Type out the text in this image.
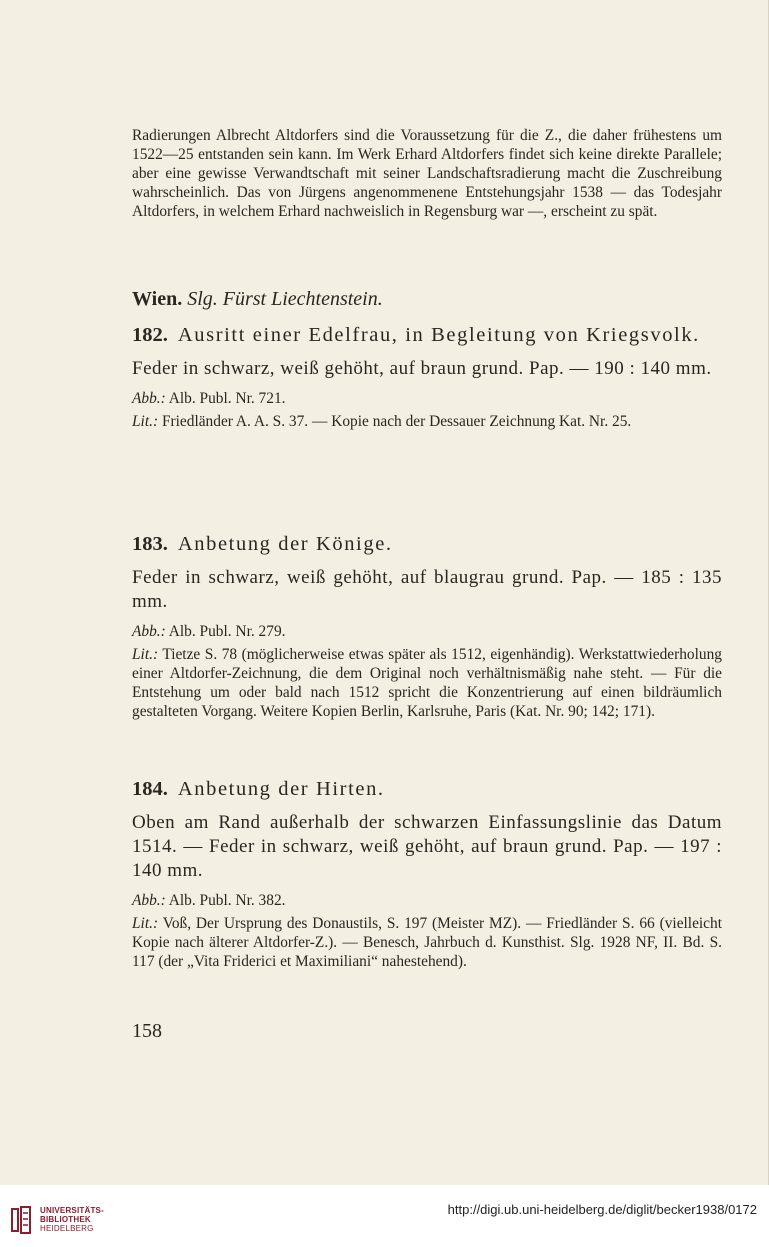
Radierungen Albrecht Altdorfers sind die Voraussetzung für die Z., die daher frühestens um 1522—25 entstanden sein kann. Im Werk Erhard Altdorfers findet sich keine direkte Parallele; aber eine gewisse Verwandtschaft mit seiner Landschaftsradierung macht die Zuschreibung wahrscheinlich. Das von Jürgens angenommenene Entstehungsjahr 1538 — das Todesjahr Altdorfers, in welchem Erhard nachweislich in Regensburg war —, erscheint zu spät.

Wien. Slg. Fürst Liechtenstein.

182. Ausritt einer Edelfrau, in Begleitung von Kriegsvolk.

Feder in schwarz, weiß gehöht, auf braun grund. Pap. — 190 : 140 mm.

Abb.: Alb. Publ. Nr. 721.

Lit.: Friedländer A. A. S. 37. — Kopie nach der Dessauer Zeichnung Kat. Nr. 25.

183. Anbetung der Könige.

Feder in schwarz, weiß gehöht, auf blaugrau grund. Pap. — 185 : 135 mm.

Abb.: Alb. Publ. Nr. 279.

Lit.: Tietze S. 78 (möglicherweise etwas später als 1512, eigenhändig). Werkstattwiederholung einer Altdorfer-Zeichnung, die dem Original noch verhältnismäßig nahe steht. — Für die Entstehung um oder bald nach 1512 spricht die Konzentrierung auf einen bildräumlich gestalteten Vorgang. Weitere Kopien Berlin, Karlsruhe, Paris (Kat. Nr. 90; 142; 171).

184. Anbetung der Hirten.

Oben am Rand außerhalb der schwarzen Einfassungslinie das Datum 1514. — Feder in schwarz, weiß gehöht, auf braun grund. Pap. — 197 : 140 mm.

Abb.: Alb. Publ. Nr. 382.

Lit.: Voß, Der Ursprung des Donaustils, S. 197 (Meister MZ). — Friedländer S. 66 (vielleicht Kopie nach älterer Altdorfer-Z.). — Benesch, Jahrbuch d. Kunsthist. Slg. 1928 NF, II. Bd. S. 117 (der „Vita Friderici et Maximiliani“ nahestehend).

158
UNIVERSITÄTS-
BIBLIOTHEK
HEIDELBERG
http://digi.ub.uni-heidelberg.de/diglit/becker1938/0172
